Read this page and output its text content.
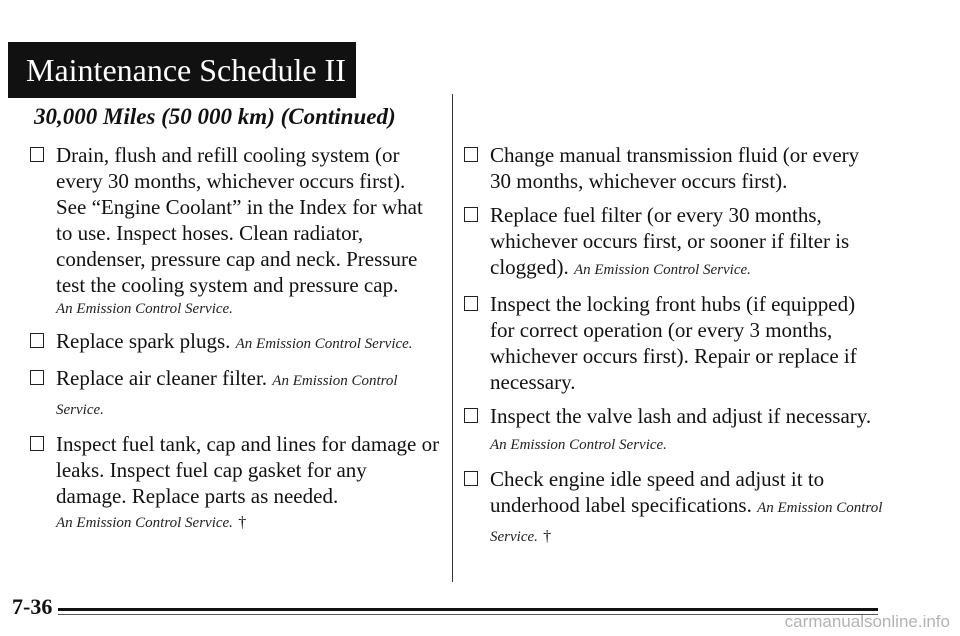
Maintenance Schedule II
30,000 Miles (50 000 km) (Continued)
Drain, flush and refill cooling system (or every 30 months, whichever occurs first). See “Engine Coolant” in the Index for what to use. Inspect hoses. Clean radiator, condenser, pressure cap and neck. Pressure test the cooling system and pressure cap.
An Emission Control Service.
Replace spark plugs. An Emission Control Service.
Replace air cleaner filter. An Emission Control Service.
Inspect fuel tank, cap and lines for damage or leaks. Inspect fuel cap gasket for any damage. Replace parts as needed.
An Emission Control Service. †
Change manual transmission fluid (or every 30 months, whichever occurs first).
Replace fuel filter (or every 30 months, whichever occurs first, or sooner if filter is clogged). An Emission Control Service.
Inspect the locking front hubs (if equipped) for correct operation (or every 3 months, whichever occurs first). Repair or replace if necessary.
Inspect the valve lash and adjust if necessary. An Emission Control Service.
Check engine idle speed and adjust it to underhood label specifications. An Emission Control Service. †
7-36
carmanualsonline.info
